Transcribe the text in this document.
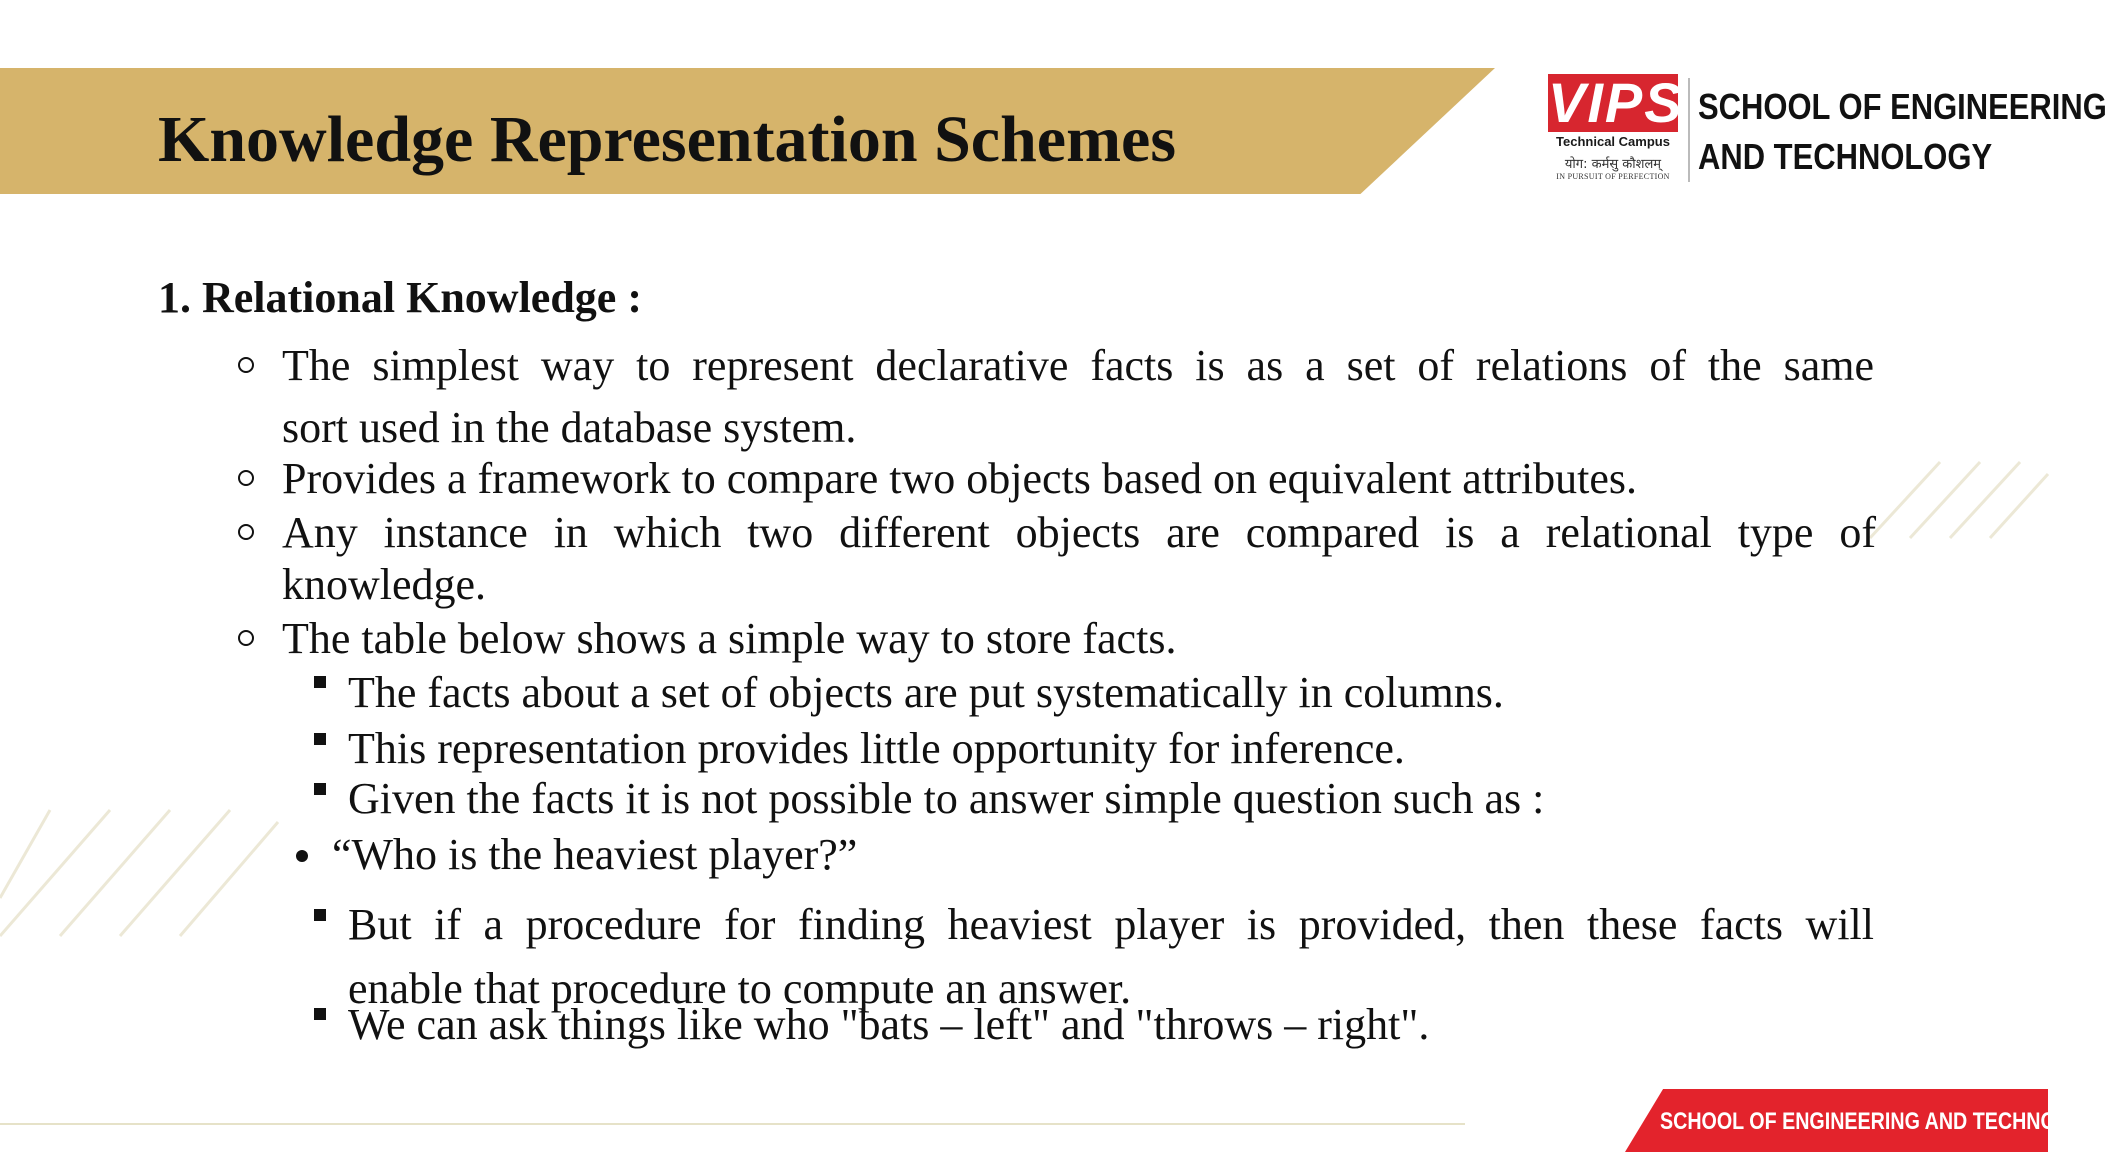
Knowledge Representation Schemes
VIPS
Technical Campus
योग: कर्मसु कौशलम्
IN PURSUIT OF PERFECTION
SCHOOL OF ENGINEERING
AND TECHNOLOGY
1. Relational Knowledge :
The simplest way to represent declarative facts is as a set of relations of the same
sort used in the database system.
Provides a framework to compare two objects based on equivalent attributes.
Any instance in which two different objects are compared is a relational type of
knowledge.
The table below shows a simple way to store facts.
The facts about a set of objects are put systematically in columns.
This representation provides little opportunity for inference.
Given the facts it is not possible to answer simple question such as :
“Who is the heaviest player?”
But if a procedure for finding heaviest player is provided, then these facts will
enable that procedure to compute an answer.
We can ask things like who "bats – left" and "throws – right".
SCHOOL OF ENGINEERING AND TECHNOLOGY
